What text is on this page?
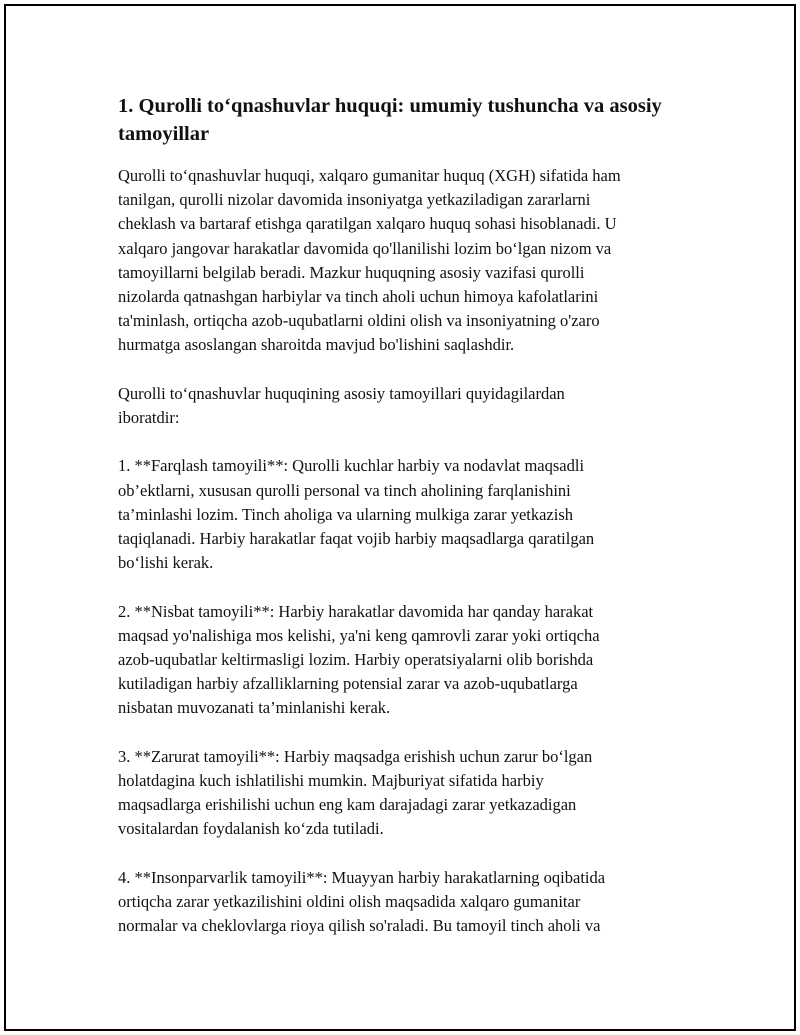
1. Qurolli to‘qnashuvlar huquqi: umumiy tushuncha va asosiy
tamoyillar

Qurolli to‘qnashuvlar huquqi, xalqaro gumanitar huquq (XGH) sifatida ham
tanilgan, qurolli nizolar davomida insoniyatga yetkaziladigan zararlarni
cheklash va bartaraf etishga qaratilgan xalqaro huquq sohasi hisoblanadi. U
xalqaro jangovar harakatlar davomida qo'llanilishi lozim bo‘lgan nizom va
tamoyillarni belgilab beradi. Mazkur huquqning asosiy vazifasi qurolli
nizolarda qatnashgan harbiylar va tinch aholi uchun himoya kafolatlarini
ta'minlash, ortiqcha azob-uqubatlarni oldini olish va insoniyatning o'zaro
hurmatga asoslangan sharoitda mavjud bo'lishini saqlashdir.

Qurolli to‘qnashuvlar huquqining asosiy tamoyillari quyidagilardan
iboratdir:

1. **Farqlash tamoyili**: Qurolli kuchlar harbiy va nodavlat maqsadli
ob’ektlarni, xususan qurolli personal va tinch aholining farqlanishini
ta’minlashi lozim. Tinch aholiga va ularning mulkiga zarar yetkazish
taqiqlanadi. Harbiy harakatlar faqat vojib harbiy maqsadlarga qaratilgan
bo‘lishi kerak.

2. **Nisbat tamoyili**: Harbiy harakatlar davomida har qanday harakat
maqsad yo'nalishiga mos kelishi, ya'ni keng qamrovli zarar yoki ortiqcha
azob-uqubatlar keltirmasligi lozim. Harbiy operatsiyalarni olib borishda
kutiladigan harbiy afzalliklarning potensial zarar va azob-uqubatlarga
nisbatan muvozanati ta’minlanishi kerak.

3. **Zarurat tamoyili**: Harbiy maqsadga erishish uchun zarur bo‘lgan
holatdagina kuch ishlatilishi mumkin. Majburiyat sifatida harbiy
maqsadlarga erishilishi uchun eng kam darajadagi zarar yetkazadigan
vositalardan foydalanish ko‘zda tutiladi.

4. **Insonparvarlik tamoyili**: Muayyan harbiy harakatlarning oqibatida
ortiqcha zarar yetkazilishini oldini olish maqsadida xalqaro gumanitar
normalar va cheklovlarga rioya qilish so'raladi. Bu tamoyil tinch aholi va
